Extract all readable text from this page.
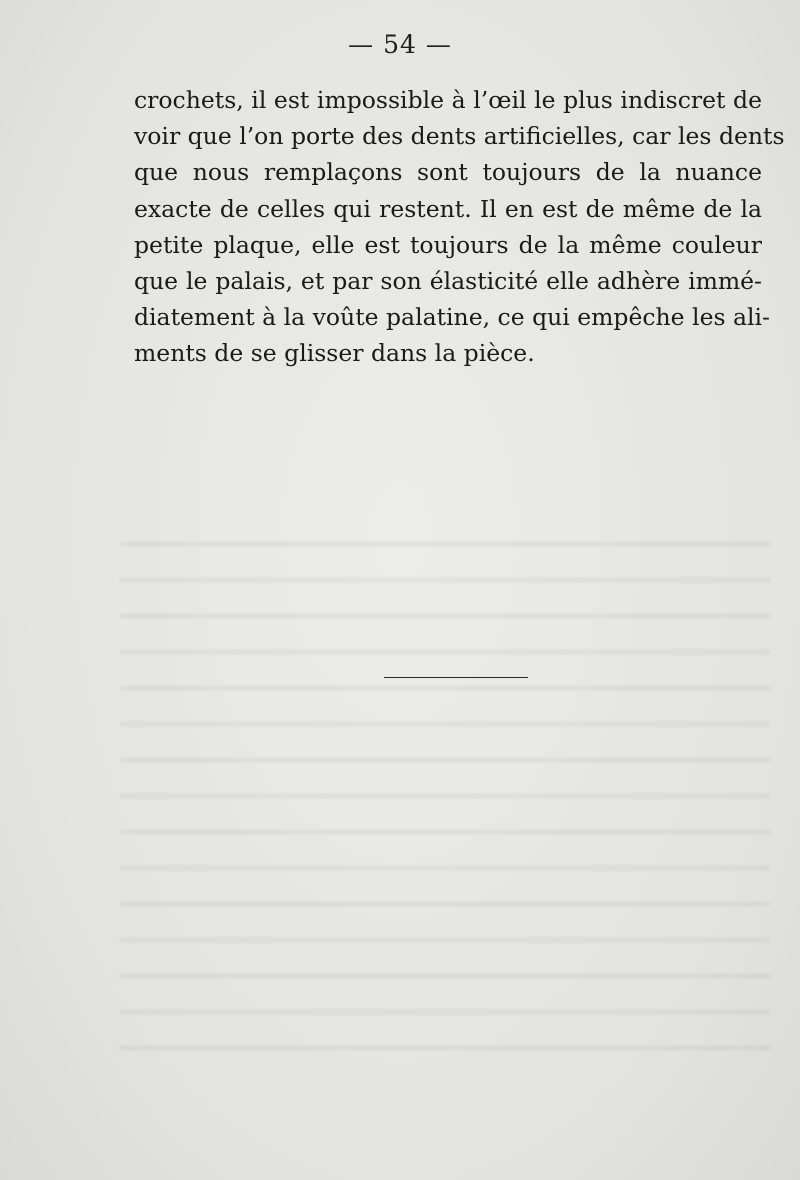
— 54 —
crochets, il est impossible à l’œil le plus indiscret de
voir que l’on porte des dents artificielles, car les dents
que nous remplaçons sont toujours de la nuance
exacte de celles qui restent. Il en est de même de la
petite plaque, elle est toujours de la même couleur
que le palais, et par son élasticité elle adhère immé-
diatement à la voûte palatine, ce qui empêche les ali-
ments de se glisser dans la pièce.
